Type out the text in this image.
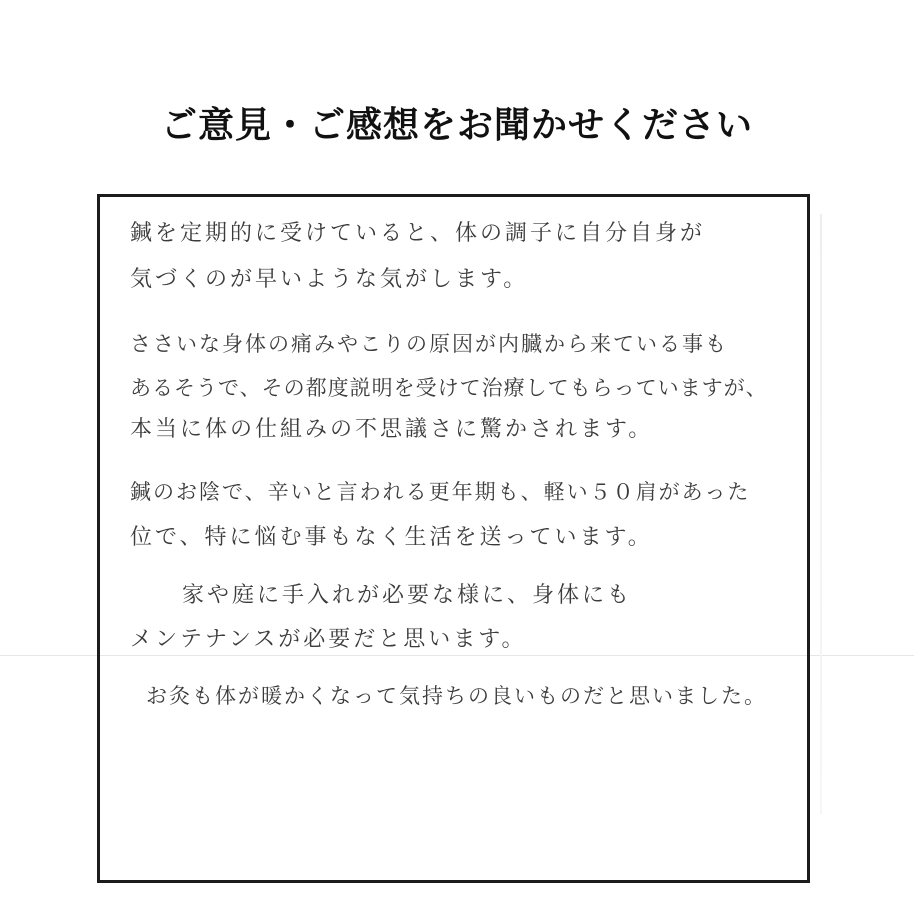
ご意見・ご感想をお聞かせください
鍼を定期的に受けていると、体の調子に自分自身が
気づくのが早いような気がします。
ささいな身体の痛みやこりの原因が内臓から来ている事も
あるそうで、その都度説明を受けて治療してもらっていますが、
本当に体の仕組みの不思議さに驚かされます。
鍼のお陰で、辛いと言われる更年期も、軽い５０肩があった
位で、特に悩む事もなく生活を送っています。
家や庭に手入れが必要な様に、身体にも
メンテナンスが必要だと思います。
お灸も体が暖かくなって気持ちの良いものだと思いました。
